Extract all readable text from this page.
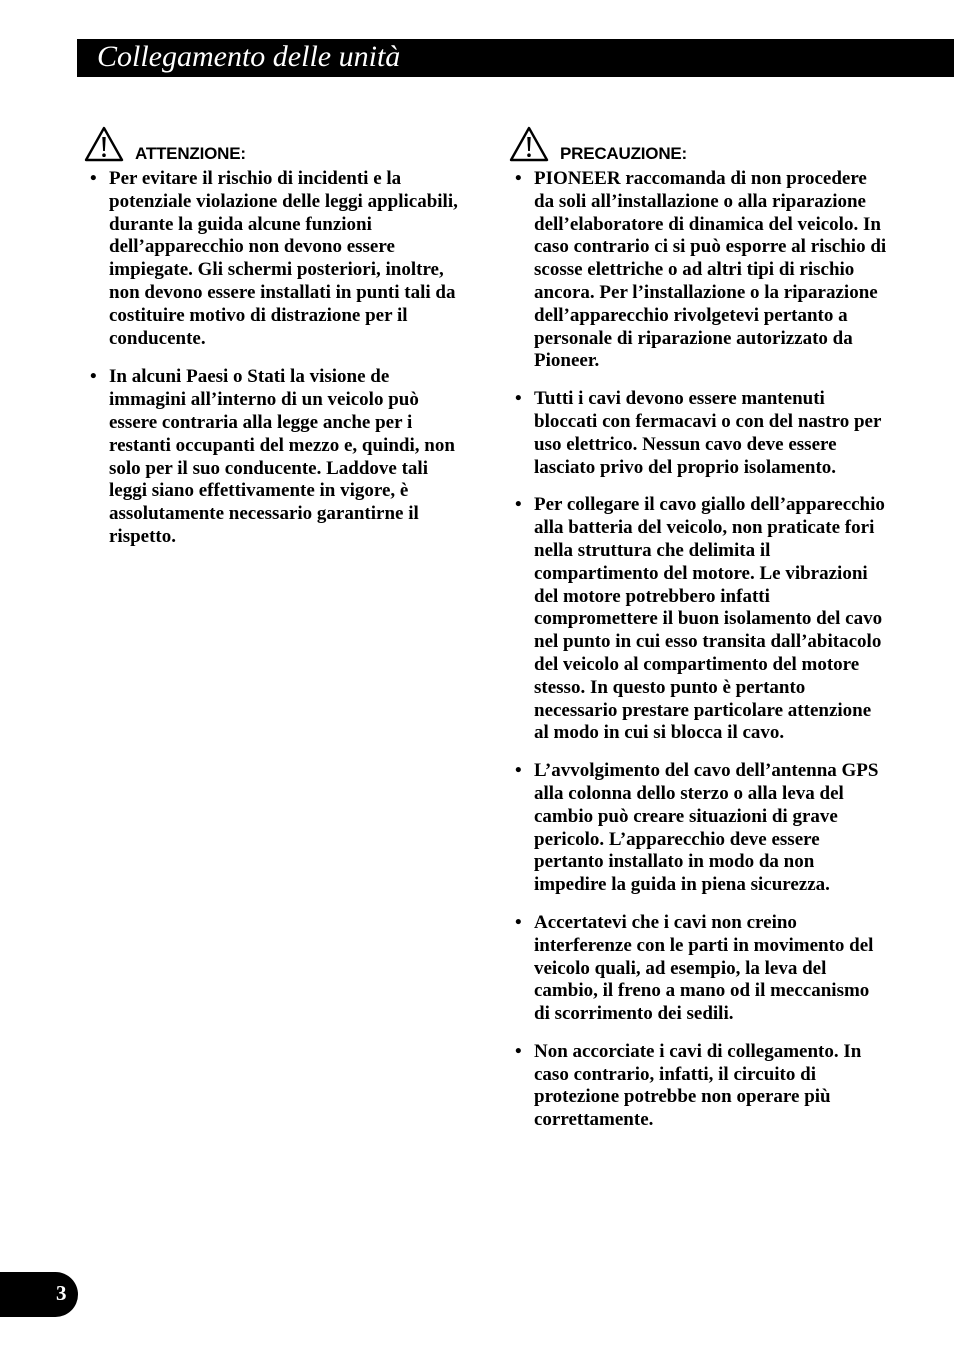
Collegamento delle unità
ATTENZIONE:
• Per evitare il rischio di incidenti e la potenziale violazione delle leggi applicabili, durante la guida alcune funzioni dell’apparecchio non devono essere impiegate. Gli schermi posteriori, inoltre, non devono essere installati in punti tali da costituire motivo di distrazione per il conducente.
• In alcuni Paesi o Stati la visione de immagini all’interno di un veicolo può essere contraria alla legge anche per i restanti occupanti del mezzo e, quindi, non solo per il suo conducente. Laddove tali leggi siano effettivamente in vigore, è assolutamente necessario garantirne il rispetto.
PRECAUZIONE:
• PIONEER raccomanda di non procedere da soli all’installazione o alla riparazione dell’elaboratore di dinamica del veicolo. In caso contrario ci si può esporre al rischio di scosse elettriche o ad altri tipi di rischio ancora. Per l’installazione o la riparazione dell’apparecchio rivolgetevi pertanto a personale di riparazione autorizzato da Pioneer.
• Tutti i cavi devono essere mantenuti bloccati con fermacavi o con del nastro per uso elettrico. Nessun cavo deve essere lasciato privo del proprio isolamento.
• Per collegare il cavo giallo dell’apparecchio alla batteria del veicolo, non praticate fori nella struttura che delimita il compartimento del motore. Le vibrazioni del motore potrebbero infatti compromettere il buon isolamento del cavo nel punto in cui esso transita dall’abitacolo del veicolo al compartimento del motore stesso. In questo punto è pertanto necessario prestare particolare attenzione al modo in cui si blocca il cavo.
• L’avvolgimento del cavo dell’antenna GPS alla colonna dello sterzo o alla leva del cambio può creare situazioni di grave pericolo. L’apparecchio deve essere pertanto installato in modo da non impedire la guida in piena sicurezza.
• Accertatevi che i cavi non creino interferenze con le parti in movimento del veicolo quali, ad esempio, la leva del cambio, il freno a mano od il meccanismo di scorrimento dei sedili.
• Non accorciate i cavi di collegamento. In caso contrario, infatti, il circuito di protezione potrebbe non operare più correttamente.
3
